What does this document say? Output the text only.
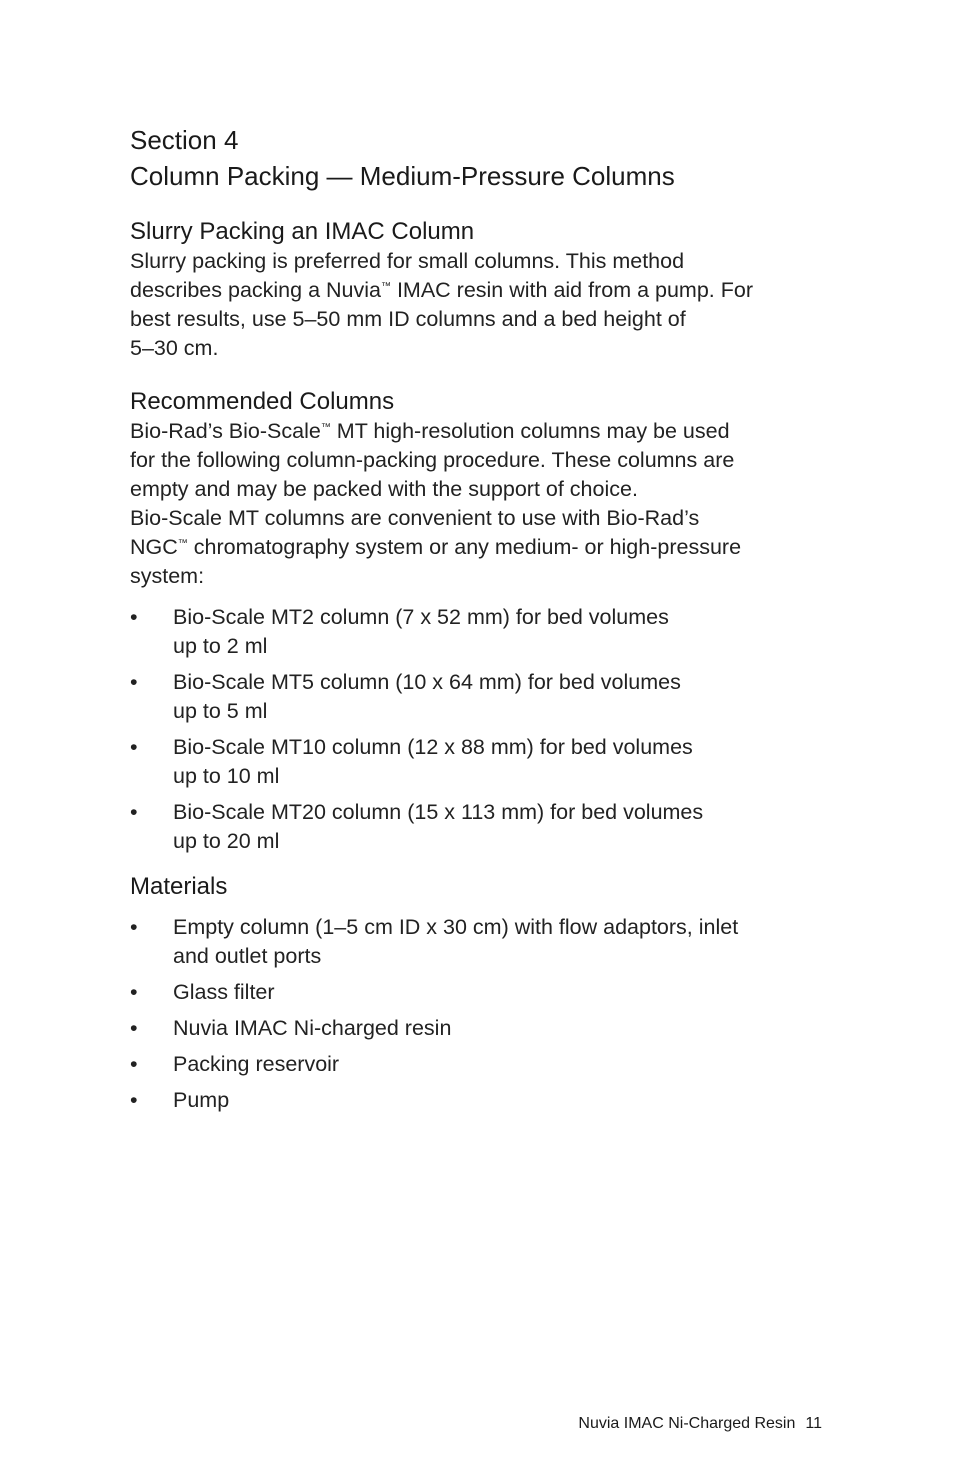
Section 4
Column Packing — Medium-Pressure Columns
Slurry Packing an IMAC Column

Slurry packing is preferred for small columns. This method
describes packing a Nuvia™ IMAC resin with aid from a pump. For
best results, use 5–50 mm ID columns and a bed height of
5–30 cm.

Recommended Columns

Bio-Rad’s Bio-Scale™ MT high-resolution columns may be used
for the following column-packing procedure. These columns are
empty and may be packed with the support of choice.
Bio-Scale MT columns are convenient to use with Bio-Rad’s
NGC™ chromatography system or any medium- or high-pressure
system:

• Bio-Scale MT2 column (7 x 52 mm) for bed volumes
up to 2 ml
• Bio-Scale MT5 column (10 x 64 mm) for bed volumes
up to 5 ml
• Bio-Scale MT10 column (12 x 88 mm) for bed volumes
up to 10 ml
• Bio-Scale MT20 column (15 x 113 mm) for bed volumes
up to 20 ml
Materials
• Empty column (1–5 cm ID x 30 cm) with flow adaptors, inlet
and outlet ports
• Glass filter
• Nuvia IMAC Ni-charged resin
• Packing reservoir
• Pump
Nuvia IMAC Ni-Charged Resin 11
